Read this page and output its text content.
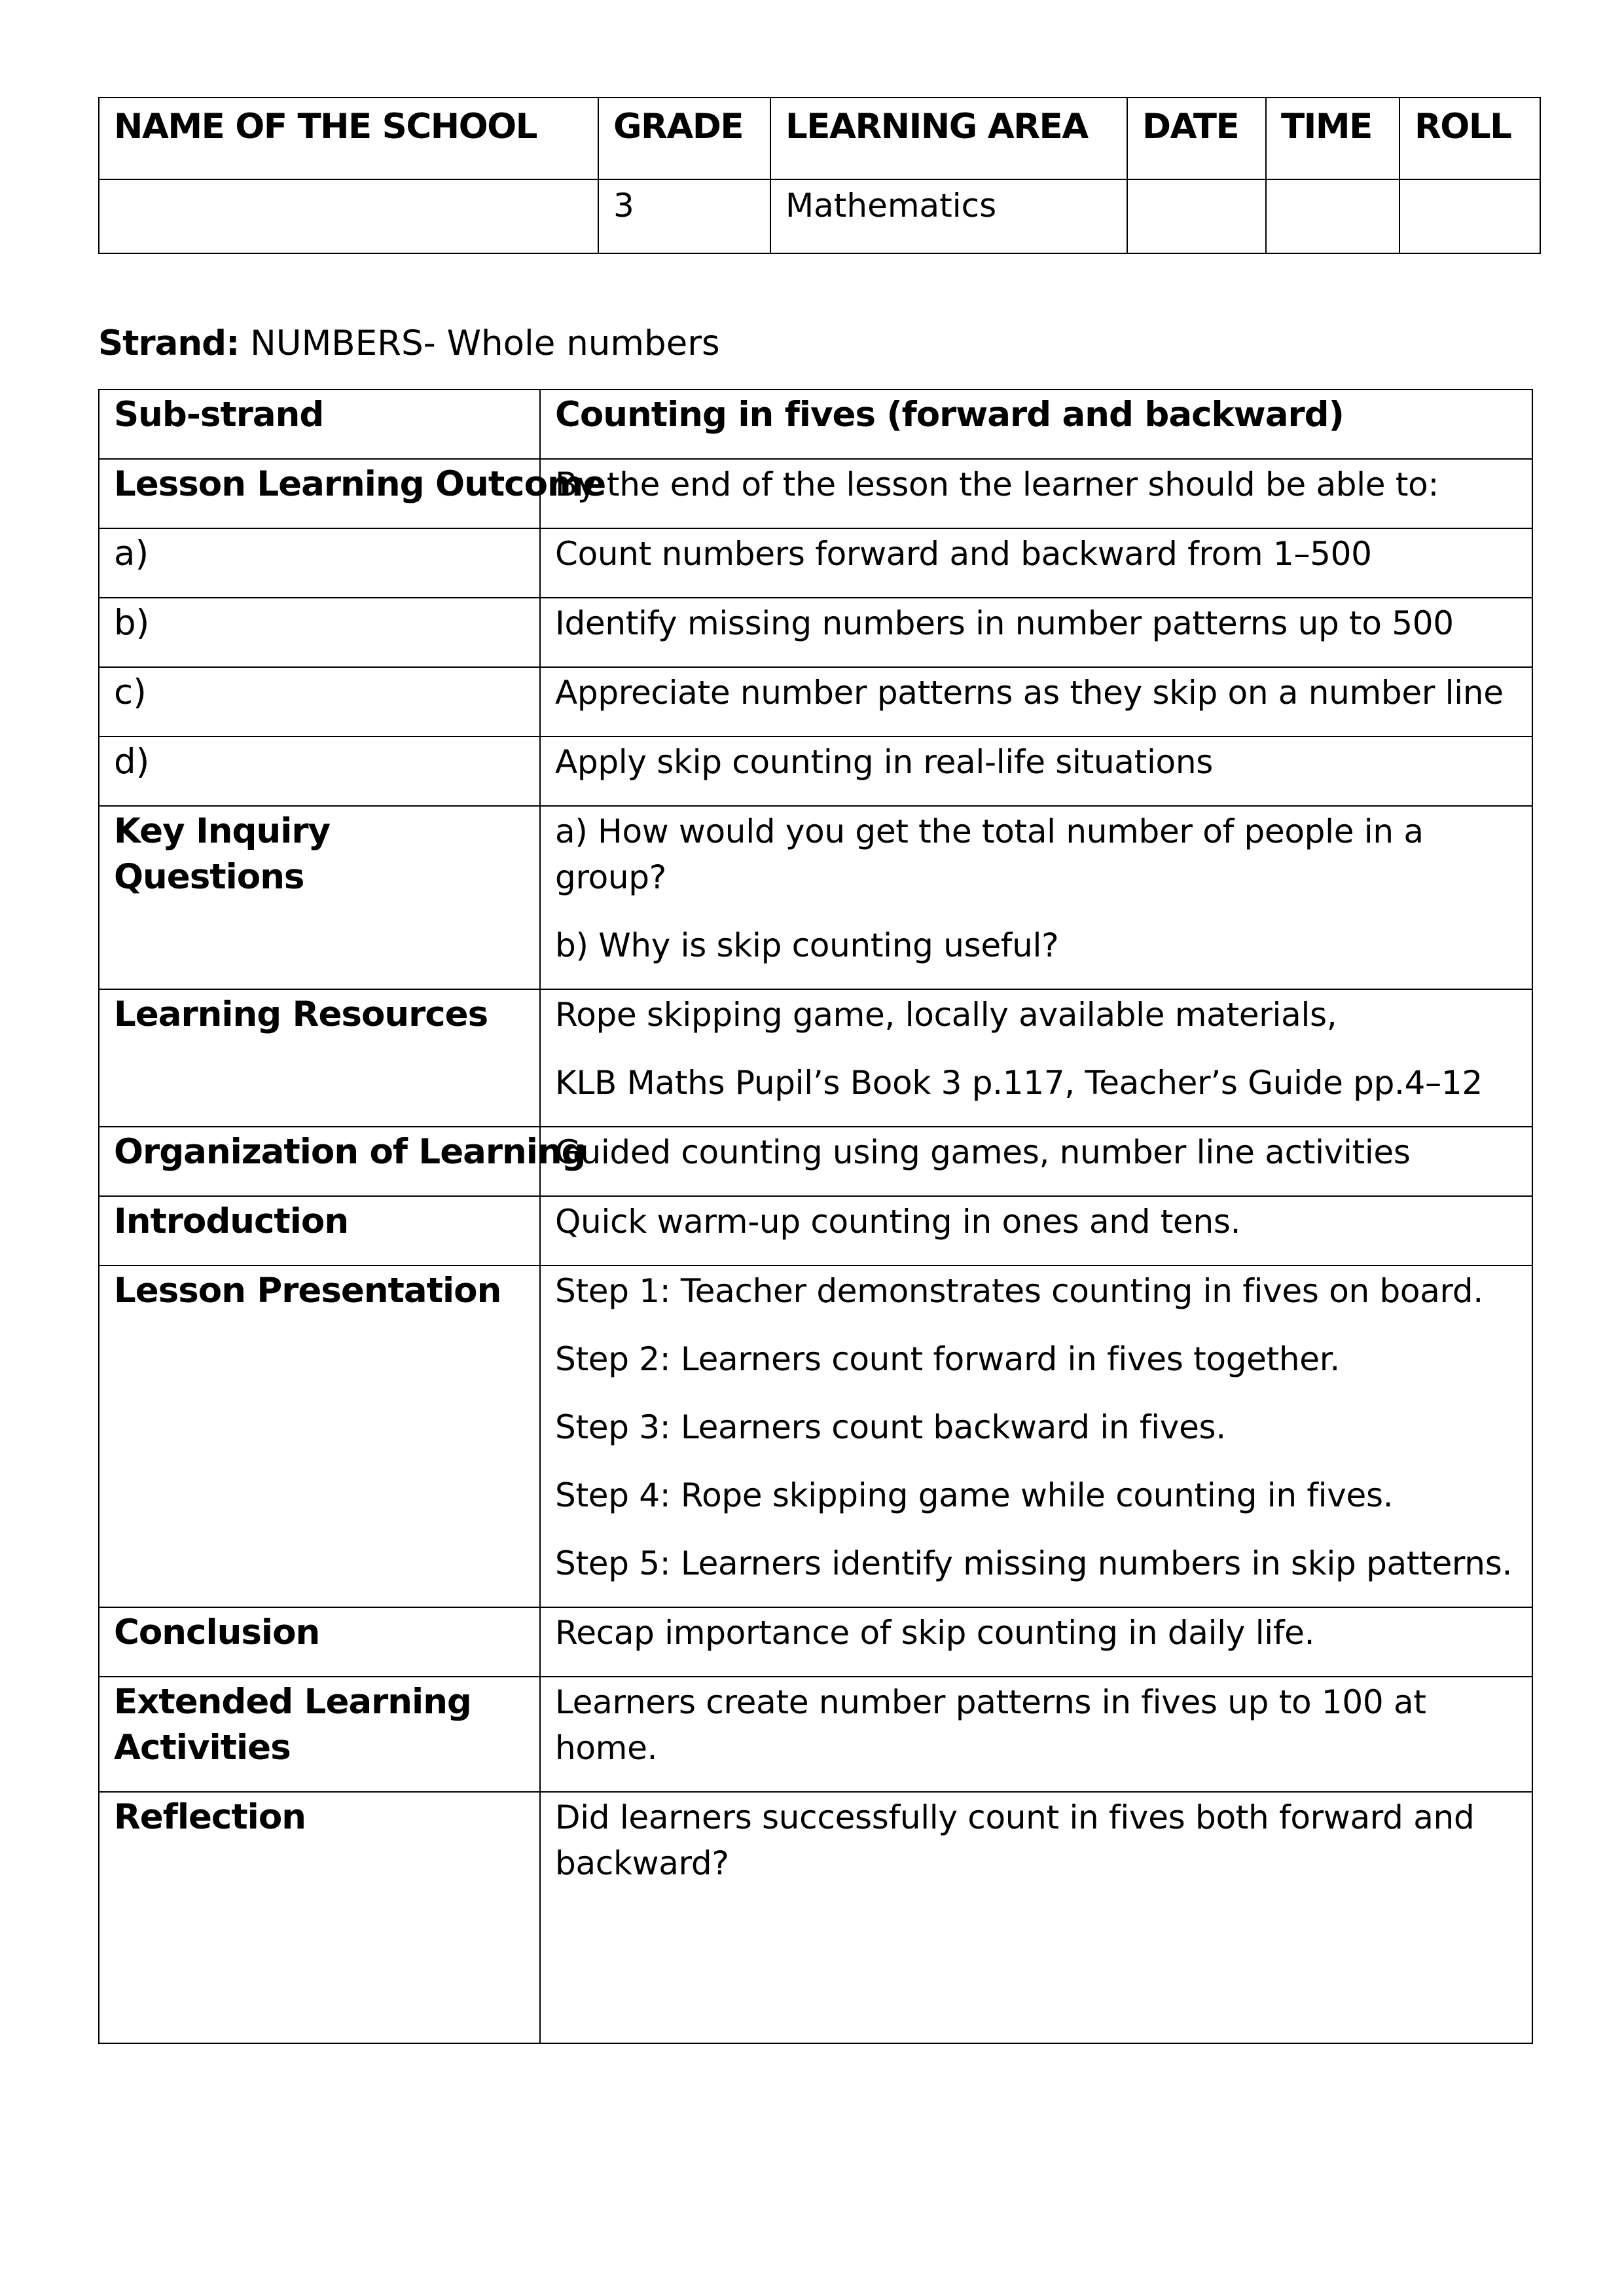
NAME OF THE SCHOOL	GRADE	LEARNING AREA	DATE	TIME	ROLL
	3	Mathematics			
Strand: NUMBERS- Whole numbers
Sub-strand	Counting in fives (forward and backward)
Lesson Learning Outcome	By the end of the lesson the learner should be able to:
a)	Count numbers forward and backward from 1–500
b)	Identify missing numbers in number patterns up to 500
c)	Appreciate number patterns as they skip on a number line
d)	Apply skip counting in real-life situations
Key Inquiry Questions	a) How would you get the total number of people in a
group?
b) Why is skip counting useful?

Learning Resources	Rope skipping game, locally available materials,
KLB Maths Pupil’s Book 3 p.117, Teacher’s Guide pp.4–12

Organization of Learning	Guided counting using games, number line activities
Introduction	Quick warm-up counting in ones and tens.
Lesson Presentation	Step 1: Teacher demonstrates counting in fives on board.
Step 2: Learners count forward in fives together.
Step 3: Learners count backward in fives.
Step 4: Rope skipping game while counting in fives.
Step 5: Learners identify missing numbers in skip patterns.

Conclusion	Recap importance of skip counting in daily life.

Extended Learning
Activities	Learners create number patterns in fives up to 100 at home.
Reflection	Did learners successfully count in fives both forward and
backward?
